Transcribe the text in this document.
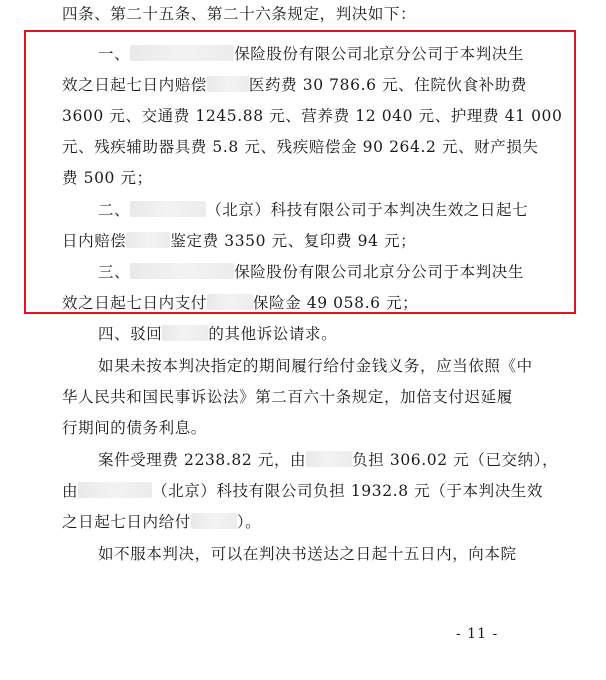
四条、第二十五条、第二十六条规定，判决如下：
一、	保险股份有限公司北京分公司于本判决生
效之日起七日内赔偿	医药费 30 786.6 元、住院伙食补助费
3600 元、交通费 1245.88 元、营养费 12 040 元、护理费 41 000
元、残疾辅助器具费 5.8 元、残疾赔偿金 90 264.2 元、财产损失
费 500 元；
二、	（北京）科技有限公司于本判决生效之日起七
日内赔偿	鉴定费 3350 元、复印费 94 元；
三、	保险股份有限公司北京分公司于本判决生
效之日起七日内支付	保险金 49 058.6 元；
四、驳回	的其他诉讼请求。
如果未按本判决指定的期间履行给付金钱义务，应当依照《中
华人民共和国民事诉讼法》第二百六十条规定，加倍支付迟延履
行期间的债务利息。
案件受理费 2238.82 元，由	负担 306.02 元（已交纳），
由	（北京）科技有限公司负担 1932.8 元（于本判决生效
之日起七日内给付	）。
如不服本判决，可以在判决书送达之日起十五日内，向本院
- 11 -
